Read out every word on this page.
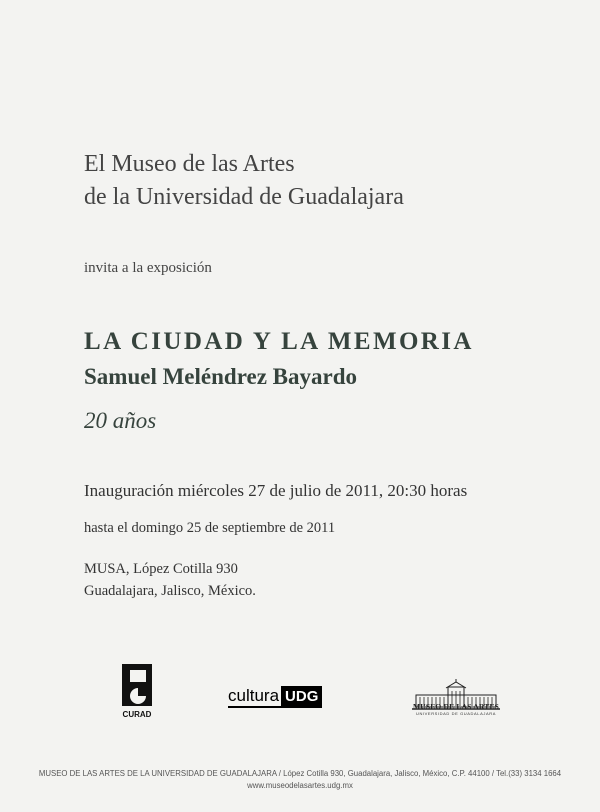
El Museo de las Artes
de la Universidad de Guadalajara
invita a la exposición
LA CIUDAD Y LA MEMORIA
Samuel Meléndrez Bayardo
20 años
Inauguración miércoles 27 de julio de 2011, 20:30 horas
hasta el domingo 25 de septiembre de 2011
MUSA, López Cotilla 930
Guadalajara, Jalisco, México.
CURAD
cultura UDG
MUSEO DE LAS ARTES
UNIVERSIDAD DE GUADALAJARA
MUSEO DE LAS ARTES DE LA UNIVERSIDAD DE GUADALAJARA / López Cotilla 930, Guadalajara, Jalisco, México, C.P. 44100 / Tel.(33) 3134 1664
www.museodelasartes.udg.mx
